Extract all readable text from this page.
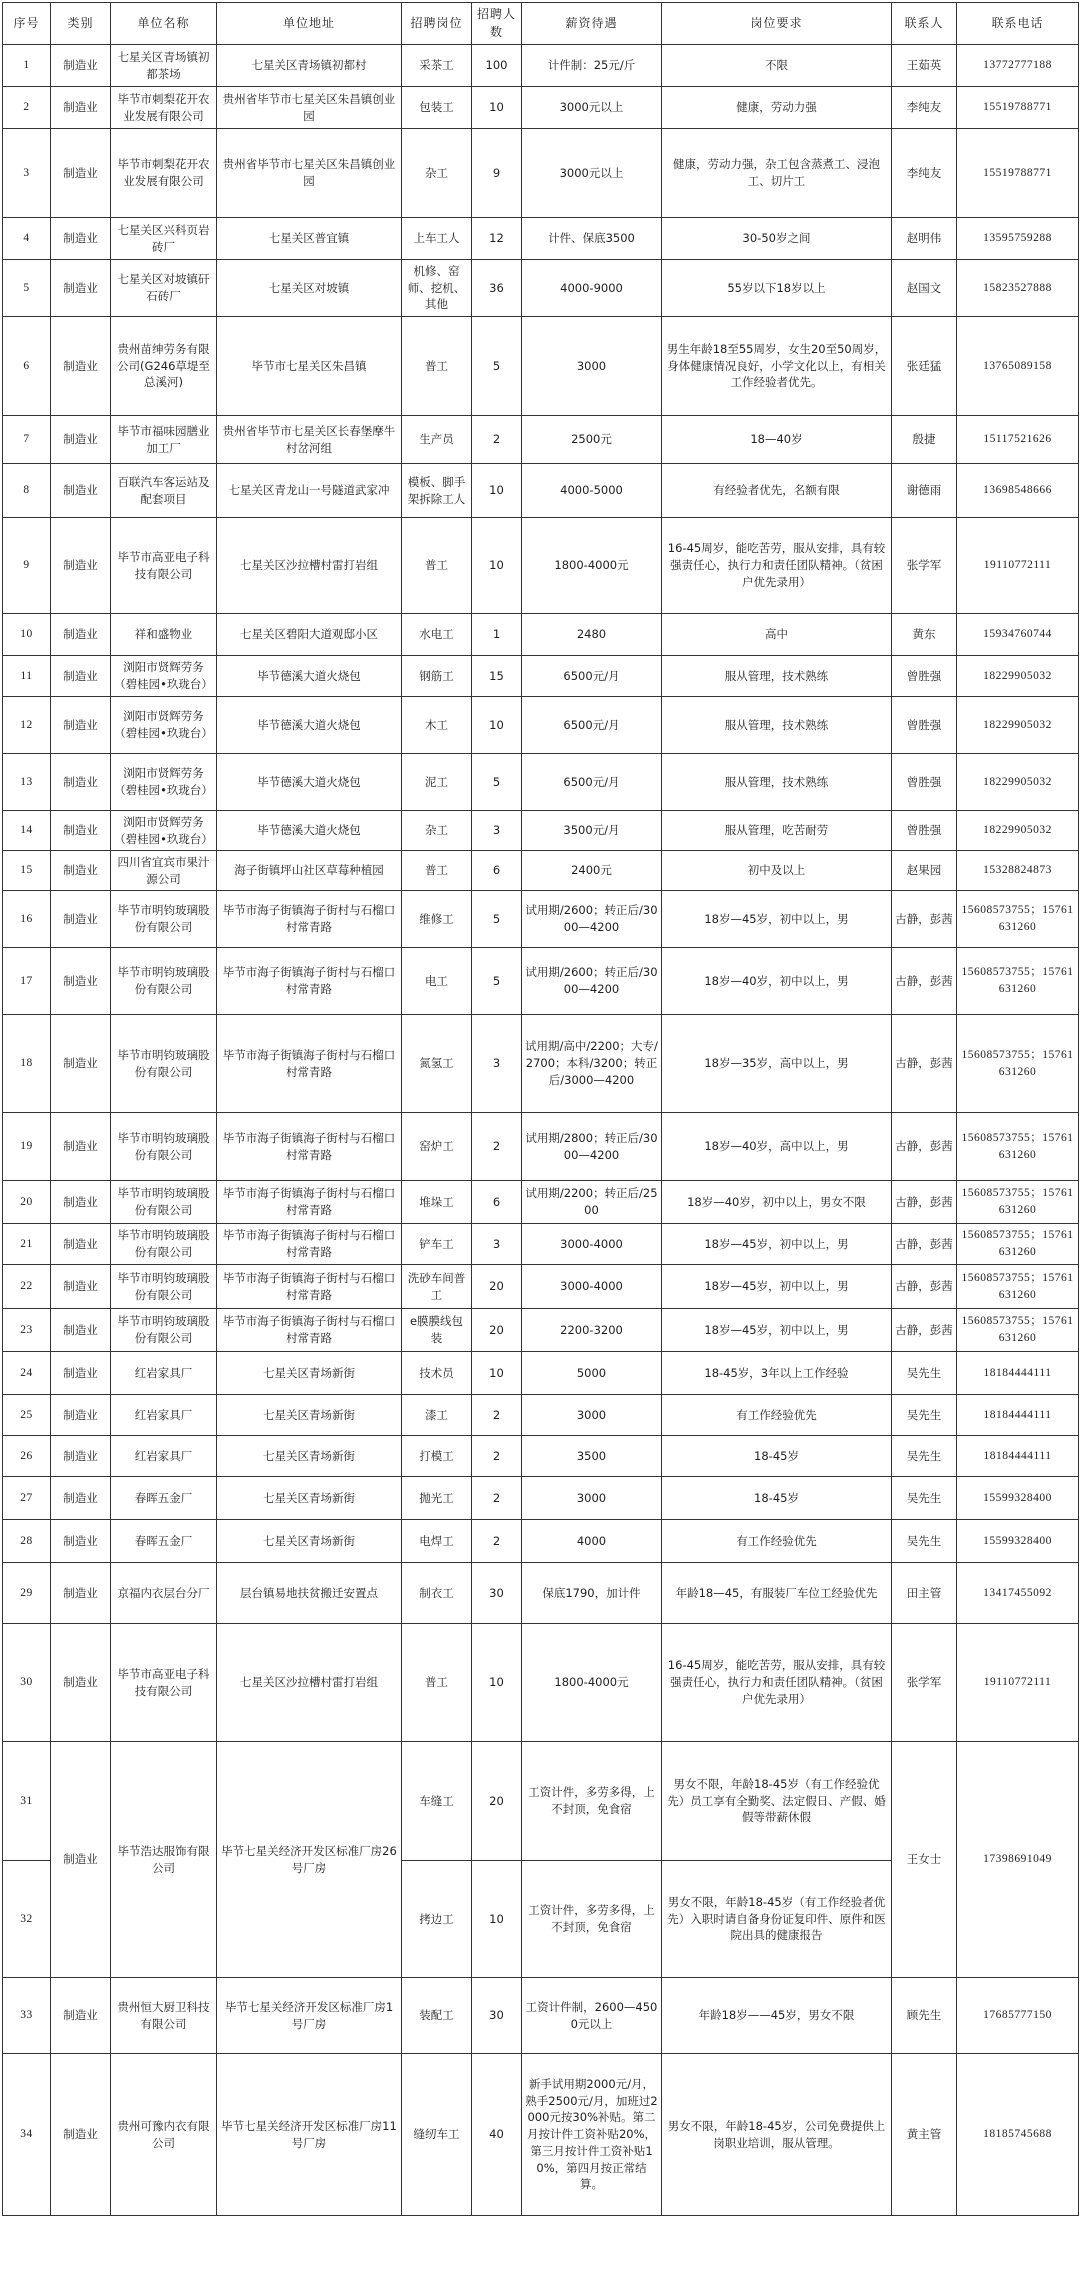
序号	类别	单位名称	单位地址	招聘岗位	招聘人数	薪资待遇	岗位要求	联系人	联系电话
1	制造业	七星关区青场镇初都茶场	七星关区青场镇初都村	采茶工	100	计件制：25元/斤	不限	王茹英	13772777188
2	制造业	毕节市刺梨花开农业发展有限公司	贵州省毕节市七星关区朱昌镇创业园	包装工	10	3000元以上	健康，劳动力强	李纯友	15519788771
3	制造业	毕节市刺梨花开农业发展有限公司	贵州省毕节市七星关区朱昌镇创业园	杂工	9	3000元以上	健康，劳动力强，杂工包含蒸煮工、浸泡工、切片工	李纯友	15519788771
4	制造业	七星关区兴科页岩砖厂	七星关区普宜镇	上车工人	12	计件、保底3500	30-50岁之间	赵明伟	13595759288
5	制造业	七星关区对坡镇矸石砖厂	七星关区对坡镇	机修、窑师、挖机、其他	36	4000-9000	55岁以下18岁以上	赵国文	15823527888
6	制造业	贵州苗绅劳务有限公司(G246草堤至总溪河)	毕节市七星关区朱昌镇	普工	5	3000	男生年龄18至55周岁，女生20至50周岁，身体健康情况良好，小学文化以上，有相关工作经验者优先。	张廷猛	13765089158
7	制造业	毕节市福味园膳业加工厂	贵州省毕节市七星关区长春堡摩牛村岔河组	生产员	2	2500元	18—40岁	殷捷	15117521626
8	制造业	百联汽车客运站及配套项目	七星关区青龙山一号隧道武家冲	模板、脚手架拆除工人	10	4000-5000	有经验者优先，名额有限	谢德雨	13698548666
9	制造业	毕节市高亚电子科技有限公司	七星关区沙拉槽村雷打岩组	普工	10	1800-4000元	16-45周岁，能吃苦劳，服从安排，具有较强责任心，执行力和责任团队精神。（贫困户优先录用）	张学军	19110772111
10	制造业	祥和盛物业	七星关区碧阳大道观邸小区	水电工	1	2480	高中	黄东	15934760744
11	制造业	浏阳市贤辉劳务（碧桂园•玖珑台）	毕节德溪大道火烧包	钢筋工	15	6500元/月	服从管理，技术熟练	曾胜强	18229905032
12	制造业	浏阳市贤辉劳务（碧桂园•玖珑台）	毕节德溪大道火烧包	木工	10	6500元/月	服从管理，技术熟练	曾胜强	18229905032
13	制造业	浏阳市贤辉劳务（碧桂园•玖珑台）	毕节德溪大道火烧包	泥工	5	6500元/月	服从管理，技术熟练	曾胜强	18229905032
14	制造业	浏阳市贤辉劳务（碧桂园•玖珑台）	毕节德溪大道火烧包	杂工	3	3500元/月	服从管理，吃苦耐劳	曾胜强	18229905032
15	制造业	四川省宜宾市果汁源公司	海子街镇坪山社区草莓种植园	普工	6	2400元	初中及以上	赵果园	15328824873
16	制造业	毕节市明钧玻璃股份有限公司	毕节市海子街镇海子街村与石榴口村常青路	维修工	5	试用期/2600；转正后/3000—4200	18岁—45岁，初中以上，男	古静，彭茜	15608573755；15761631260
17	制造业	毕节市明钧玻璃股份有限公司	毕节市海子街镇海子街村与石榴口村常青路	电工	5	试用期/2600；转正后/3000—4200	18岁—40岁，初中以上，男	古静，彭茜	15608573755；15761631260
18	制造业	毕节市明钧玻璃股份有限公司	毕节市海子街镇海子街村与石榴口村常青路	氮氢工	3	试用期/高中/2200；大专/2700；本科/3200；转正后/3000—4200	18岁—35岁，高中以上，男	古静，彭茜	15608573755；15761631260
19	制造业	毕节市明钧玻璃股份有限公司	毕节市海子街镇海子街村与石榴口村常青路	窑炉工	2	试用期/2800；转正后/3000—4200	18岁—40岁，高中以上，男	古静，彭茜	15608573755；15761631260
20	制造业	毕节市明钧玻璃股份有限公司	毕节市海子街镇海子街村与石榴口村常青路	堆垛工	6	试用期/2200；转正后/2500	18岁—40岁，初中以上，男女不限	古静，彭茜	15608573755；15761631260
21	制造业	毕节市明钧玻璃股份有限公司	毕节市海子街镇海子街村与石榴口村常青路	铲车工	3	3000-4000	18岁—45岁，初中以上，男	古静，彭茜	15608573755；15761631260
22	制造业	毕节市明钧玻璃股份有限公司	毕节市海子街镇海子街村与石榴口村常青路	洗砂车间普工	20	3000-4000	18岁—45岁，初中以上，男	古静，彭茜	15608573755；15761631260
23	制造业	毕节市明钧玻璃股份有限公司	毕节市海子街镇海子街村与石榴口村常青路	e膜膜线包装	20	2200-3200	18岁—45岁，初中以上，男	古静，彭茜	15608573755；15761631260
24	制造业	红岩家具厂	七星关区青场新街	技术员	10	5000	18-45岁，3年以上工作经验	吴先生	18184444111
25	制造业	红岩家具厂	七星关区青场新街	漆工	2	3000	有工作经验优先	吴先生	18184444111
26	制造业	红岩家具厂	七星关区青场新街	打模工	2	3500	18-45岁	吴先生	18184444111
27	制造业	春晖五金厂	七星关区青场新街	抛光工	2	3000	18-45岁	吴先生	15599328400
28	制造业	春晖五金厂	七星关区青场新街	电焊工	2	4000	有工作经验优先	吴先生	15599328400
29	制造业	京福内衣层台分厂	层台镇易地扶贫搬迁安置点	制衣工	30	保底1790，加计件	年龄18—45，有服装厂车位工经验优先	田主管	13417455092
30	制造业	毕节市高亚电子科技有限公司	七星关区沙拉槽村雷打岩组	普工	10	1800-4000元	16-45周岁，能吃苦劳，服从安排，具有较强责任心，执行力和责任团队精神。（贫困户优先录用）	张学军	19110772111
31	制造业	毕节浩达服饰有限公司	毕节七星关经济开发区标准厂房26号厂房	车缝工	20	工资计件，多劳多得，上不封顶，免食宿	男女不限，年龄18-45岁（有工作经验优先）员工享有全勤奖、法定假日、产假、婚假等带薪休假	王女士	17398691049
32				拷边工	10	工资计件，多劳多得，上不封顶，免食宿	男女不限，年龄18-45岁（有工作经验者优先）入职时请自备身份证复印件、原件和医院出具的健康报告		
33	制造业	贵州恒大厨卫科技有限公司	毕节七星关经济开发区标准厂房1号厂房	装配工	30	工资计件制，2600—4500元以上	年龄18岁——45岁，男女不限	顾先生	17685777150
34	制造业	贵州可豫内衣有限公司	毕节七星关经济开发区标准厂房11号厂房	缝纫车工	40	新手试用期2000元/月，熟手2500元/月，加班过2000元按30%补贴。第二月按计件工资补贴20%，第三月按计件工资补贴10%，第四月按正常结算。	男女不限，年龄18-45岁，公司免费提供上岗职业培训，服从管理。	黄主管	18185745688
